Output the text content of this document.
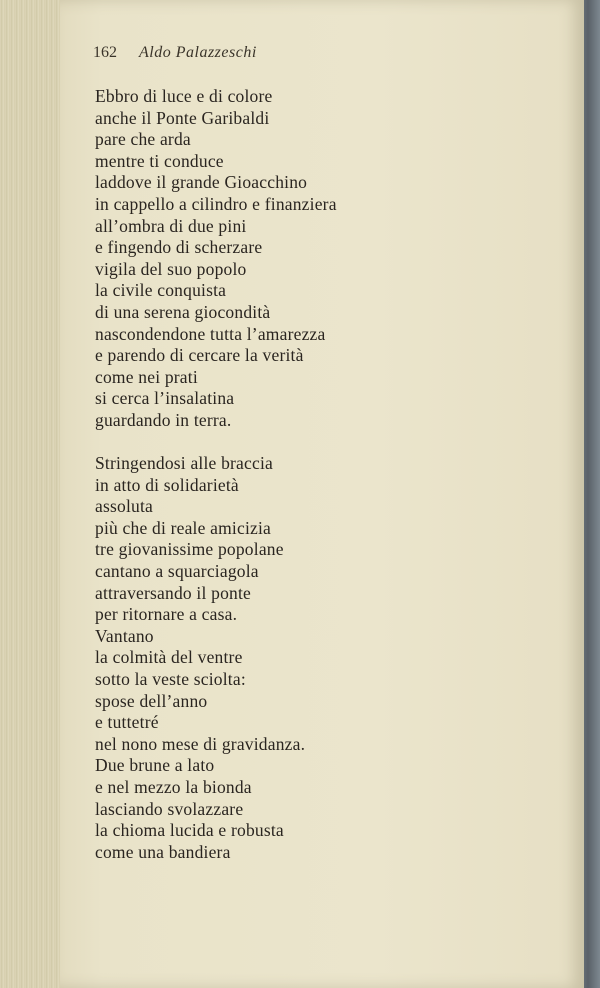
162 Aldo Palazzeschi
Ebbro di luce e di colore
anche il Ponte Garibaldi
pare che arda
mentre ti conduce
laddove il grande Gioacchino
in cappello a cilindro e finanziera
all’ombra di due pini
e fingendo di scherzare
vigila del suo popolo
la civile conquista
di una serena giocondità
nascondendone tutta l’amarezza
e parendo di cercare la verità
come nei prati
si cerca l’insalatina
guardando in terra.
Stringendosi alle braccia
in atto di solidarietà
assoluta
più che di reale amicizia
tre giovanissime popolane
cantano a squarciagola
attraversando il ponte
per ritornare a casa.
Vantano
la colmità del ventre
sotto la veste sciolta:
spose dell’anno
e tuttetré
nel nono mese di gravidanza.
Due brune a lato
e nel mezzo la bionda
lasciando svolazzare
la chioma lucida e robusta
come una bandiera
